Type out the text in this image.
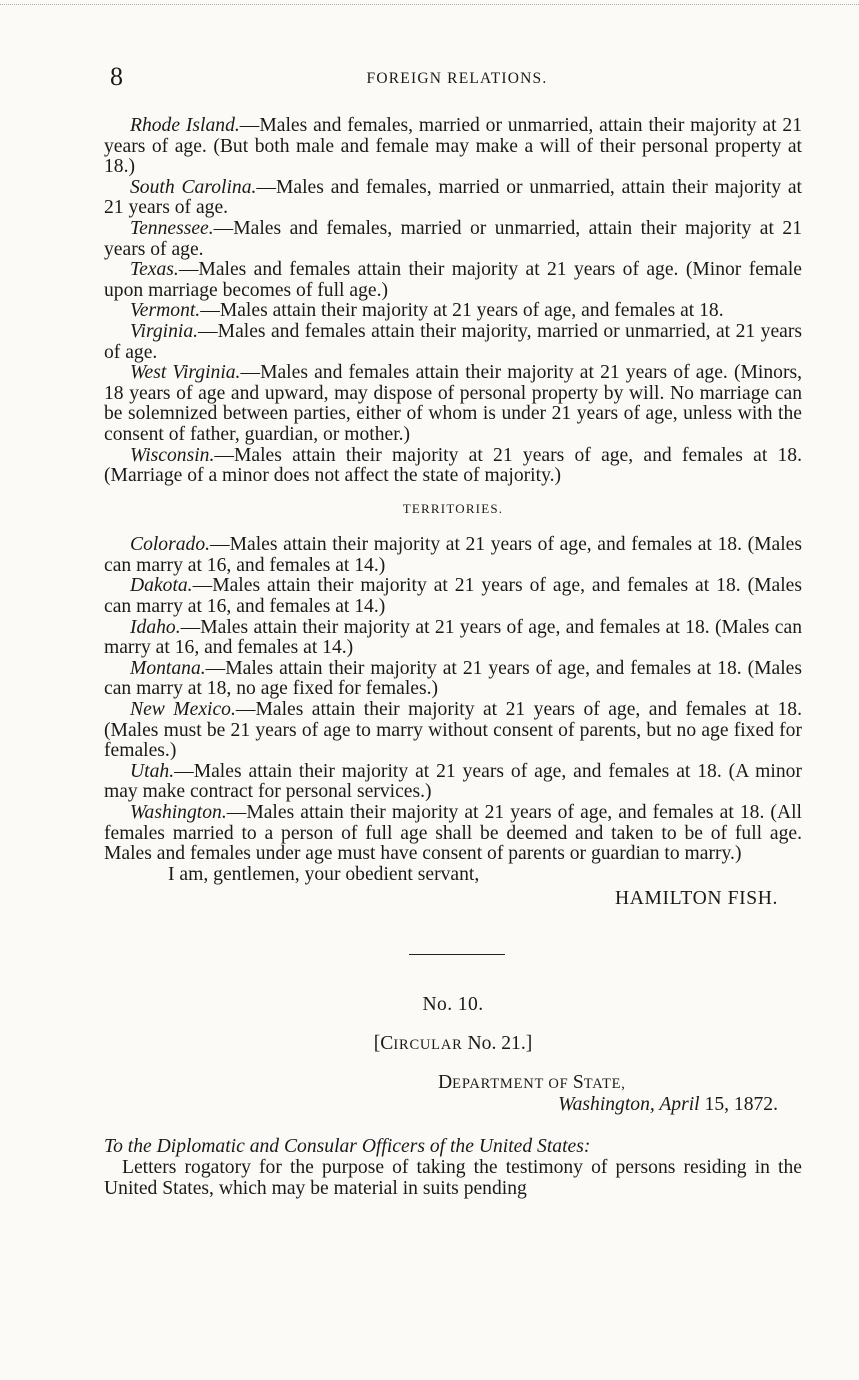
8	FOREIGN RELATIONS.

Rhode Island.—Males and females, married or unmarried, attain their majority at 21 years of age. (But both male and female may make a will of their personal property at 18.)

South Carolina.—Males and females, married or unmarried, attain their majority at 21 years of age.

Tennessee.—Males and females, married or unmarried, attain their majority at 21 years of age.

Texas.—Males and females attain their majority at 21 years of age. (Minor female upon marriage becomes of full age.)

Vermont.—Males attain their majority at 21 years of age, and females at 18.

Virginia.—Males and females attain their majority, married or unmarried, at 21 years of age.

West Virginia.—Males and females attain their majority at 21 years of age. (Minors, 18 years of age and upward, may dispose of personal property by will. No marriage can be solemnized between parties, either of whom is under 21 years of age, unless with the consent of father, guardian, or mother.)

Wisconsin.—Males attain their majority at 21 years of age, and females at 18. (Marriage of a minor does not affect the state of majority.)

TERRITORIES.

Colorado.—Males attain their majority at 21 years of age, and females at 18. (Males can marry at 16, and females at 14.)

Dakota.—Males attain their majority at 21 years of age, and females at 18. (Males can marry at 16, and females at 14.)

Idaho.—Males attain their majority at 21 years of age, and females at 18. (Males can marry at 16, and females at 14.)

Montana.—Males attain their majority at 21 years of age, and females at 18. (Males can marry at 18, no age fixed for females.)

New Mexico.—Males attain their majority at 21 years of age, and females at 18. (Males must be 21 years of age to marry without consent of parents, but no age fixed for females.)

Utah.—Males attain their majority at 21 years of age, and females at 18. (A minor may make contract for personal services.)

Washington.—Males attain their majority at 21 years of age, and females at 18. (All females married to a person of full age shall be deemed and taken to be of full age. Males and females under age must have consent of parents or guardian to marry.)

I am, gentlemen, your obedient servant,

HAMILTON FISH.

No. 10.
[CIRCULAR No. 21.]
DEPARTMENT OF STATE,
Washington, April 15, 1872.
To the Diplomatic and Consular Officers of the United States:

Letters rogatory for the purpose of taking the testimony of persons residing in the United States, which may be material in suits pending
